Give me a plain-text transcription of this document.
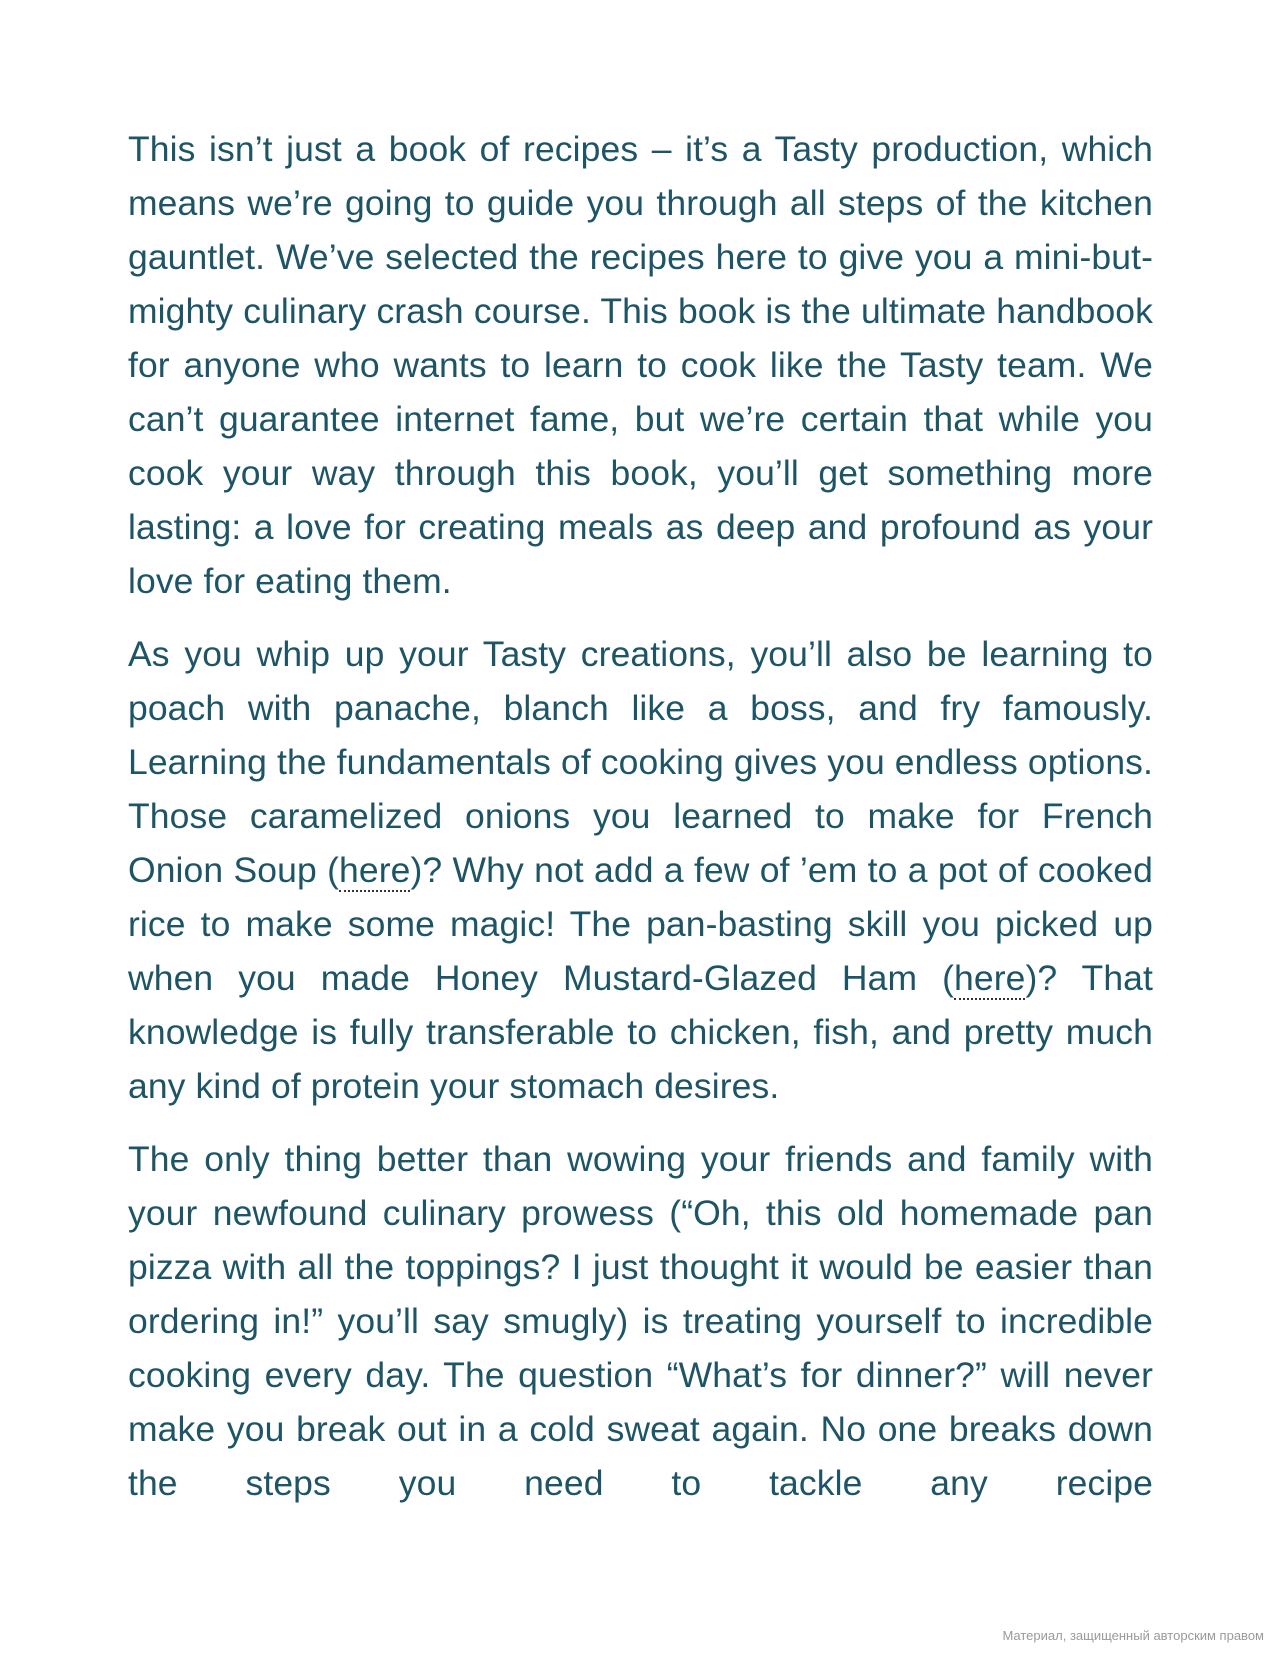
This isn’t just a book of recipes – it’s a Tasty production, which means we’re going to guide you through all steps of the kitchen gauntlet. We’ve selected the recipes here to give you a mini-but-mighty culinary crash course. This book is the ultimate handbook for anyone who wants to learn to cook like the Tasty team. We can’t guarantee internet fame, but we’re certain that while you cook your way through this book, you’ll get something more lasting: a love for creating meals as deep and profound as your love for eating them.

As you whip up your Tasty creations, you’ll also be learning to poach with panache, blanch like a boss, and fry famously. Learning the fundamentals of cooking gives you endless options. Those caramelized onions you learned to make for French Onion Soup (here)? Why not add a few of ’em to a pot of cooked rice to make some magic! The pan-basting skill you picked up when you made Honey Mustard-Glazed Ham (here)? That knowledge is fully transferable to chicken, fish, and pretty much any kind of protein your stomach desires.

The only thing better than wowing your friends and family with your newfound culinary prowess (“Oh, this old homemade pan pizza with all the toppings? I just thought it would be easier than ordering in!” you’ll say smugly) is treating yourself to incredible cooking every day. The question “What’s for dinner?” will never make you break out in a cold sweat again. No one breaks down the steps you need to tackle any recipe

Материал, защищенный авторским правом
